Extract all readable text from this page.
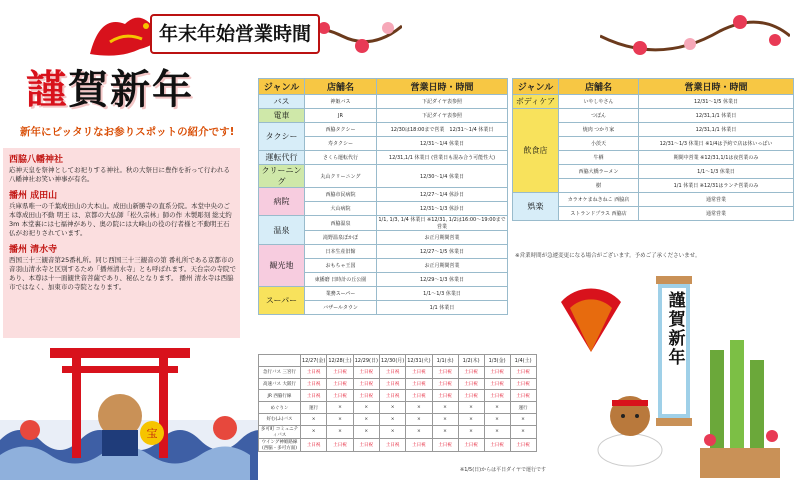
謹賀新年
新年にピッタリなお参りスポットの紹介です!
西脇八幡神社
応神天皇を祭神としてお祀りする神社。秋の大祭日に豊作を祈って行われる八幡神社お笑い神事が有名。
播州 成田山
兵庫県唯一の千葉成田山の大本山。成田山新勝寺の直系分院。本堂中央のご本尊成田山不動 明王 は、京都の大仏師「松久宗林」師の作 木製彫刻 総丈約3m 本堂裏には七福神があり、奥の院には大峰山の役の行者様と不動明王石仏がお祀りされています。
播州 清水寺
西国三十三観音第25番札所。同じ西国三十三観音の第 番札所である京都市の音羽山清水寺と区別するため「播州清水寺」とも呼ばれます。天台宗の寺院であり、本尊は十一面観世音菩薩であり、秘仏となります。 播州 清水寺は西脇市ではなく、加東市の寺院となります。
宝
年末年始営業時間
ジャンル	店舗名	営業日時・時間
バス	神姫バス	下記ダイヤ表参照
電車	JR	下記ダイヤ表参照
タクシー	西脇タクシー	12/30は18:00まで営業　12/31～1/4 休業日
	寿タクシー	12/31～1/4 休業日
運転代行	さくら運転代行	12/31,1/1 休業日 (営業日も混み合う可能性大)
クリーニング	丸山クリーニング	12/30～1/4 休業日
病院	西脇市民病院	12/27～1/4 休診日
	大山病院	12/31～1/3 休診日
温泉	西脇温泉	1/1, 1/3, 1/4 休業日 ※12/31, 1/2は16:00～19:00まで営業
	滝野温泉ぽかぽ	お正月期間営業
観光地	日本生産旧館	12/27～1/5 休業日
	おもちゃ王国	お正月期間営業
	東播磨 日時計の丘公園	12/29～1/3 休業日
スーパー	業務スーパー	1/1～1/3 休業日
	バザールタウン	1/1 休業日
ジャンル	店舗名	営業日時・時間
ボディケア	いやしやさん	12/31～1/5 休業日
飲食店	つぼん	12/31,1/1 休業日
	焼肉 つかり家	12/31,1/1 休業日
	小茨天	12/31～1/3 休業日 ※1/4は予約で店は休いっぱい
	牛栖	期間中営業 ※12/31,1/1は夜営業のみ
	西脇大橋ラーメン	1/1～1/3 休業日
	樹	1/1 休業日 ※12/31はランチ営業のみ
娯楽	カラオケまねきねこ 西脇店	通常営業
	ストランドプラス 西脇店	通常営業
※営業時間が急遽変更になる場合がございます。予めご了承くださいませ。
	12/27(金)	12/28(土)	12/29(日)	12/30(月)	12/31(火)	1/1(水)	1/2(木)	1/3(金)	1/4(土)
急行バス 三宮行	土日祝	土日祝	土日祝	土日祝	土日祝	土日祝	土日祝	土日祝	土日祝
高速バス 大阪行	土日祝	土日祝	土日祝	土日祝	土日祝	土日祝	土日祝	土日祝	土日祝
JR 西脇行線	土日祝	土日祝	土日祝	土日祝	土日祝	土日祝	土日祝	土日祝	土日祝
めぐりン	運行	×	×	×	×	×	×	×	運行
好む(ふ)バス	×	×	×	×	×	×	×	×	×
多可町 コミュニティバス	×	×	×	×	×	×	×	×	×
ウイング神姫路線 (西脇・多可方面)	土日祝	土日祝	土日祝	土日祝	土日祝	土日祝	土日祝	土日祝	土日祝
※1/5(日)からは平日ダイヤで運行です
謹賀新年
